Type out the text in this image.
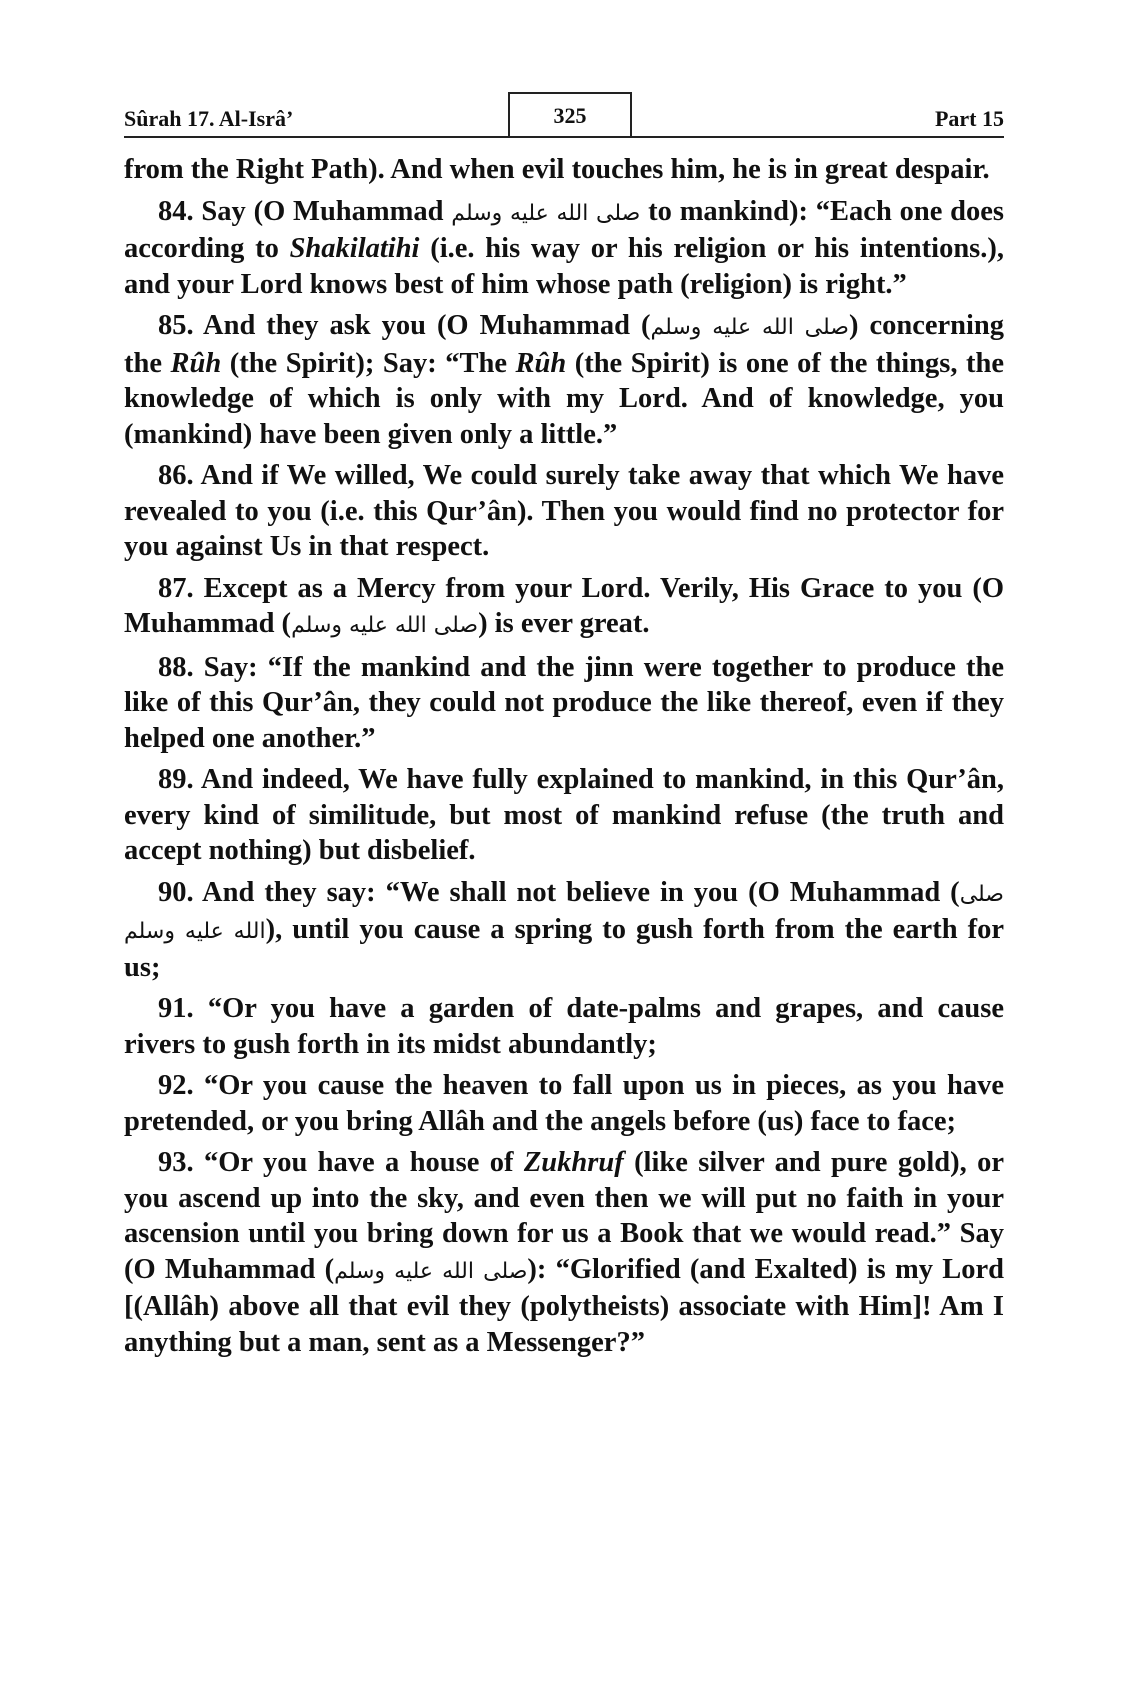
Sûrah 17. Al-Isrâ’	325	Part 15

from the Right Path). And when evil touches him, he is in great despair.

84. Say (O Muhammad صلى الله عليه وسلم to mankind): “Each one does according to Shakilatihi (i.e. his way or his religion or his intentions.), and your Lord knows best of him whose path (religion) is right.”

85. And they ask you (O Muhammad (صلى الله عليه وسلم) concerning the Rûh (the Spirit); Say: “The Rûh (the Spirit) is one of the things, the knowledge of which is only with my Lord. And of knowledge, you (mankind) have been given only a little.”

86. And if We willed, We could surely take away that which We have revealed to you (i.e. this Qur’ân). Then you would find no protector for you against Us in that respect.

87. Except as a Mercy from your Lord. Verily, His Grace to you (O Muhammad (صلى الله عليه وسلم) is ever great.

88. Say: “If the mankind and the jinn were together to produce the like of this Qur’ân, they could not produce the like thereof, even if they helped one another.”

89. And indeed, We have fully explained to mankind, in this Qur’ân, every kind of similitude, but most of mankind refuse (the truth and accept nothing) but disbelief.

90. And they say: “We shall not believe in you (O Muhammad (صلى الله عليه وسلم), until you cause a spring to gush forth from the earth for us;

91. “Or you have a garden of date-palms and grapes, and cause rivers to gush forth in its midst abundantly;

92. “Or you cause the heaven to fall upon us in pieces, as you have pretended, or you bring Allâh and the angels before (us) face to face;

93. “Or you have a house of Zukhruf (like silver and pure gold), or you ascend up into the sky, and even then we will put no faith in your ascension until you bring down for us a Book that we would read.” Say (O Muhammad (صلى الله عليه وسلم): “Glorified (and Exalted) is my Lord [(Allâh) above all that evil they (polytheists) associate with Him]! Am I anything but a man, sent as a Messenger?”
